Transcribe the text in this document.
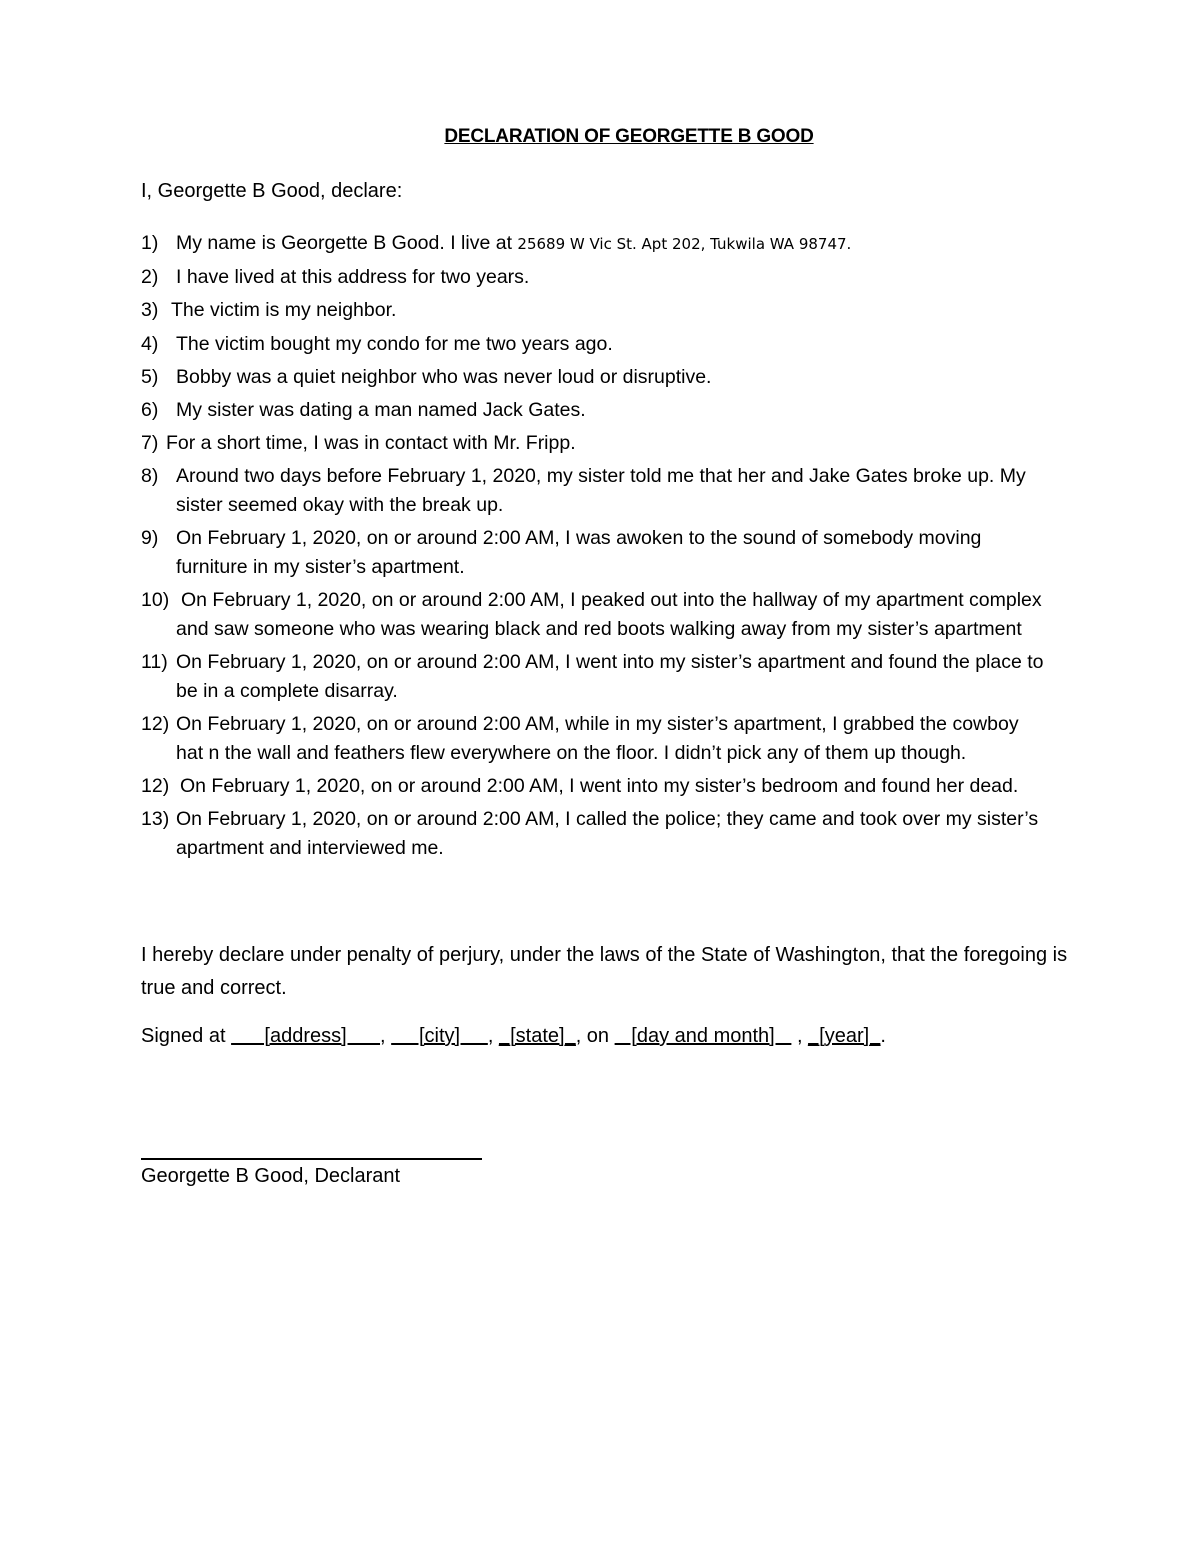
DECLARATION OF GEORGETTE B GOOD
I, Georgette B Good, declare:
1) My name is Georgette B Good. I live at 25689 W Vic St. Apt 202, Tukwila WA 98747.
2) I have lived at this address for two years.
3) The victim is my neighbor.
4) The victim bought my condo for me two years ago.
5) Bobby was a quiet neighbor who was never loud or disruptive.
6) My sister was dating a man named Jack Gates.
7) For a short time, I was in contact with Mr. Fripp.
8) Around two days before February 1, 2020, my sister told me that her and Jake Gates broke up. My sister seemed okay with the break up.
9) On February 1, 2020, on or around 2:00 AM, I was awoken to the sound of somebody moving furniture in my sister’s apartment.
10) On February 1, 2020, on or around 2:00 AM, I peaked out into the hallway of my apartment complex and saw someone who was wearing black and red boots walking away from my sister’s apartment
11) On February 1, 2020, on or around 2:00 AM, I went into my sister’s apartment and found the place to be in a complete disarray.
12) On February 1, 2020, on or around 2:00 AM, while in my sister’s apartment, I grabbed the cowboy hat n the wall and feathers flew everywhere on the floor. I didn’t pick any of them up though.
12) On February 1, 2020, on or around 2:00 AM, I went into my sister’s bedroom and found her dead.
13) On February 1, 2020, on or around 2:00 AM, I called the police; they came and took over my sister’s apartment and interviewed me.
I hereby declare under penalty of perjury, under the laws of the State of Washington, that the foregoing is true and correct.
Signed at       [address]      ,      [city]     , _[state]_, on    [day and month]    , _[year]_.
Georgette B Good, Declarant
